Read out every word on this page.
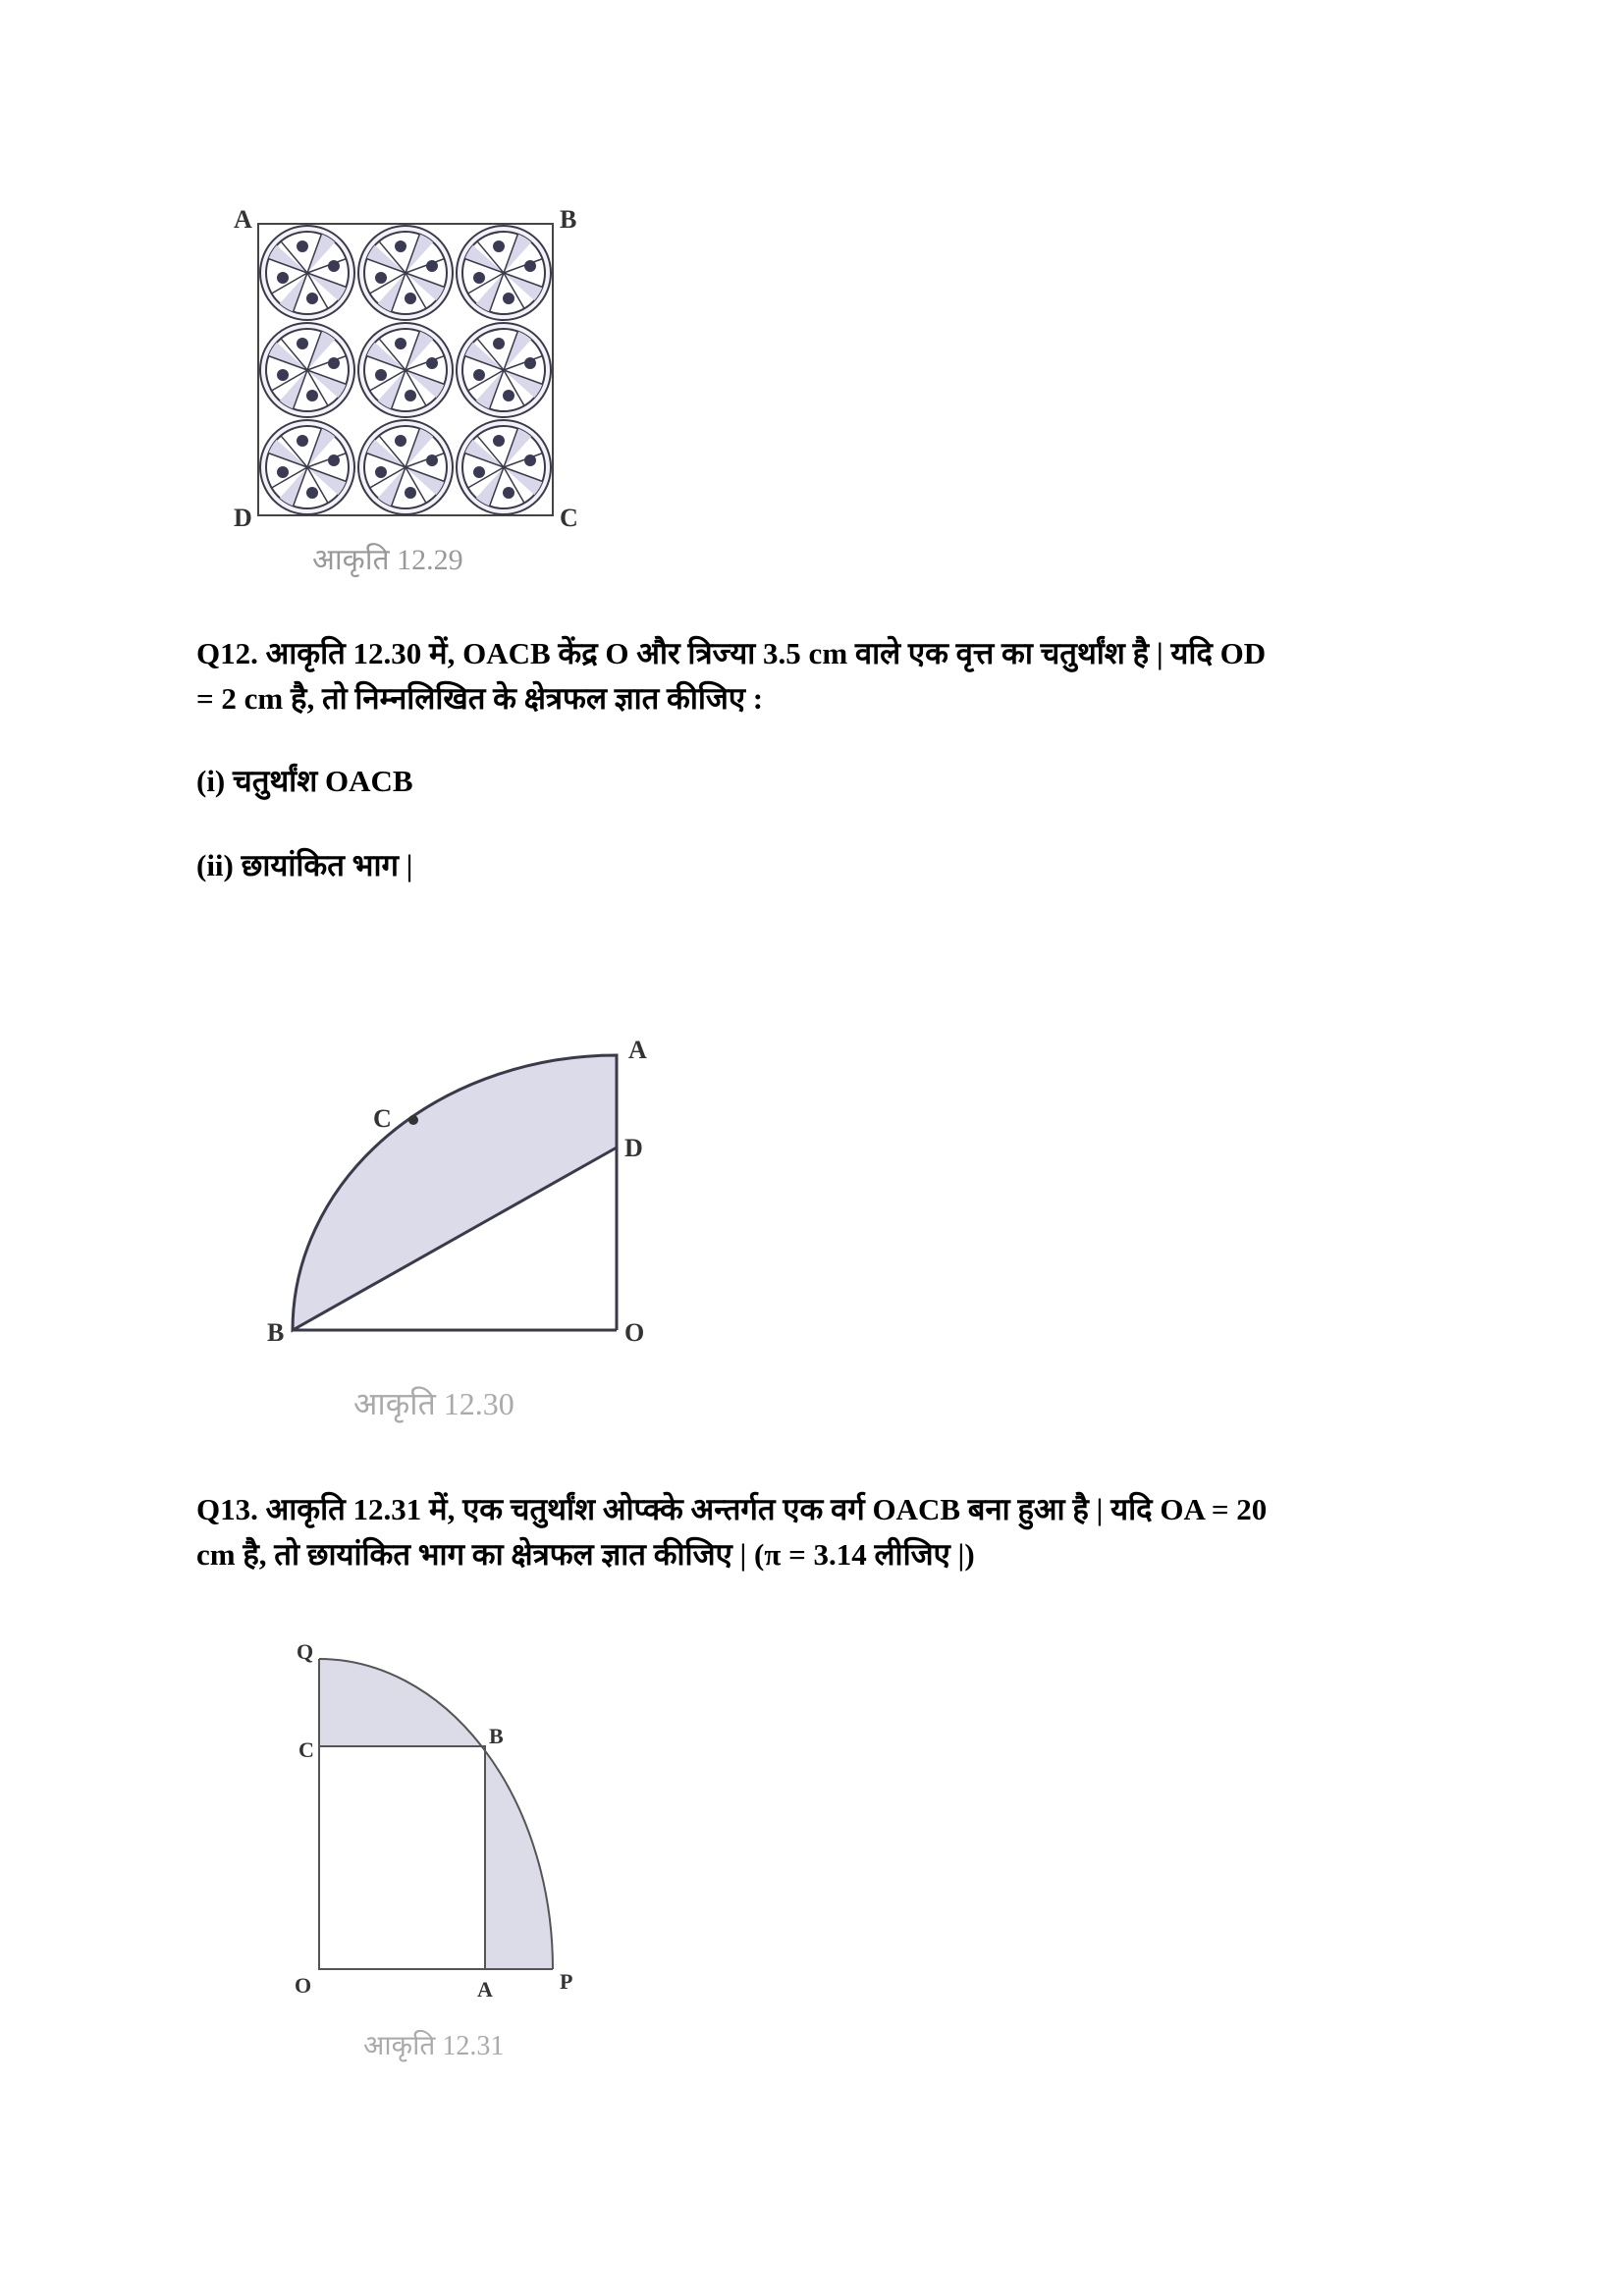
A	B
C
D
A
D
O
B
C
Q
C
B
O	A	P
आकृति 12.29
Q12. आकृति 12.30 में, OACB केंद्र O और त्रिज्या 3.5 cm वाले एक वृत्त का चतुर्थांश है | यदि OD
= 2 cm है, तो निम्नलिखित के क्षेत्रफल ज्ञात कीजिए :
(i) चतुर्थांश OACB
(ii) छायांकित भाग |
आकृति 12.30
Q13. आकृति 12.31 में, एक चतुर्थांश ओप्क्के अन्तर्गत एक वर्ग OACB बना हुआ है | यदि OA = 20
cm है, तो छायांकित भाग का क्षेत्रफल ज्ञात कीजिए | (π = 3.14 लीजिए |)
आकृति 12.31
